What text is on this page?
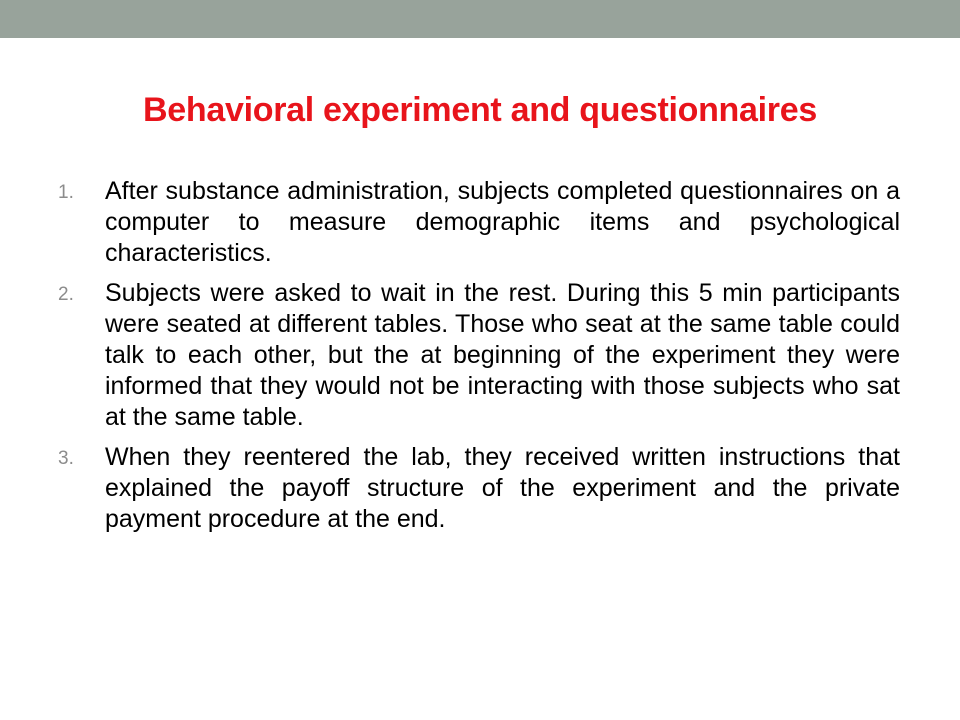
Behavioral experiment and questionnaires
1. After substance administration, subjects completed questionnaires on a computer to measure demographic items and psychological characteristics.
2. Subjects were asked to wait in the rest. During this 5 min participants were seated at different tables. Those who seat at the same table could talk to each other, but the at beginning of the experiment they were informed that they would not be interacting with those subjects who sat at the same table.
3. When they reentered the lab, they received written instructions that explained the payoff structure of the experiment and the private payment procedure at the end.
